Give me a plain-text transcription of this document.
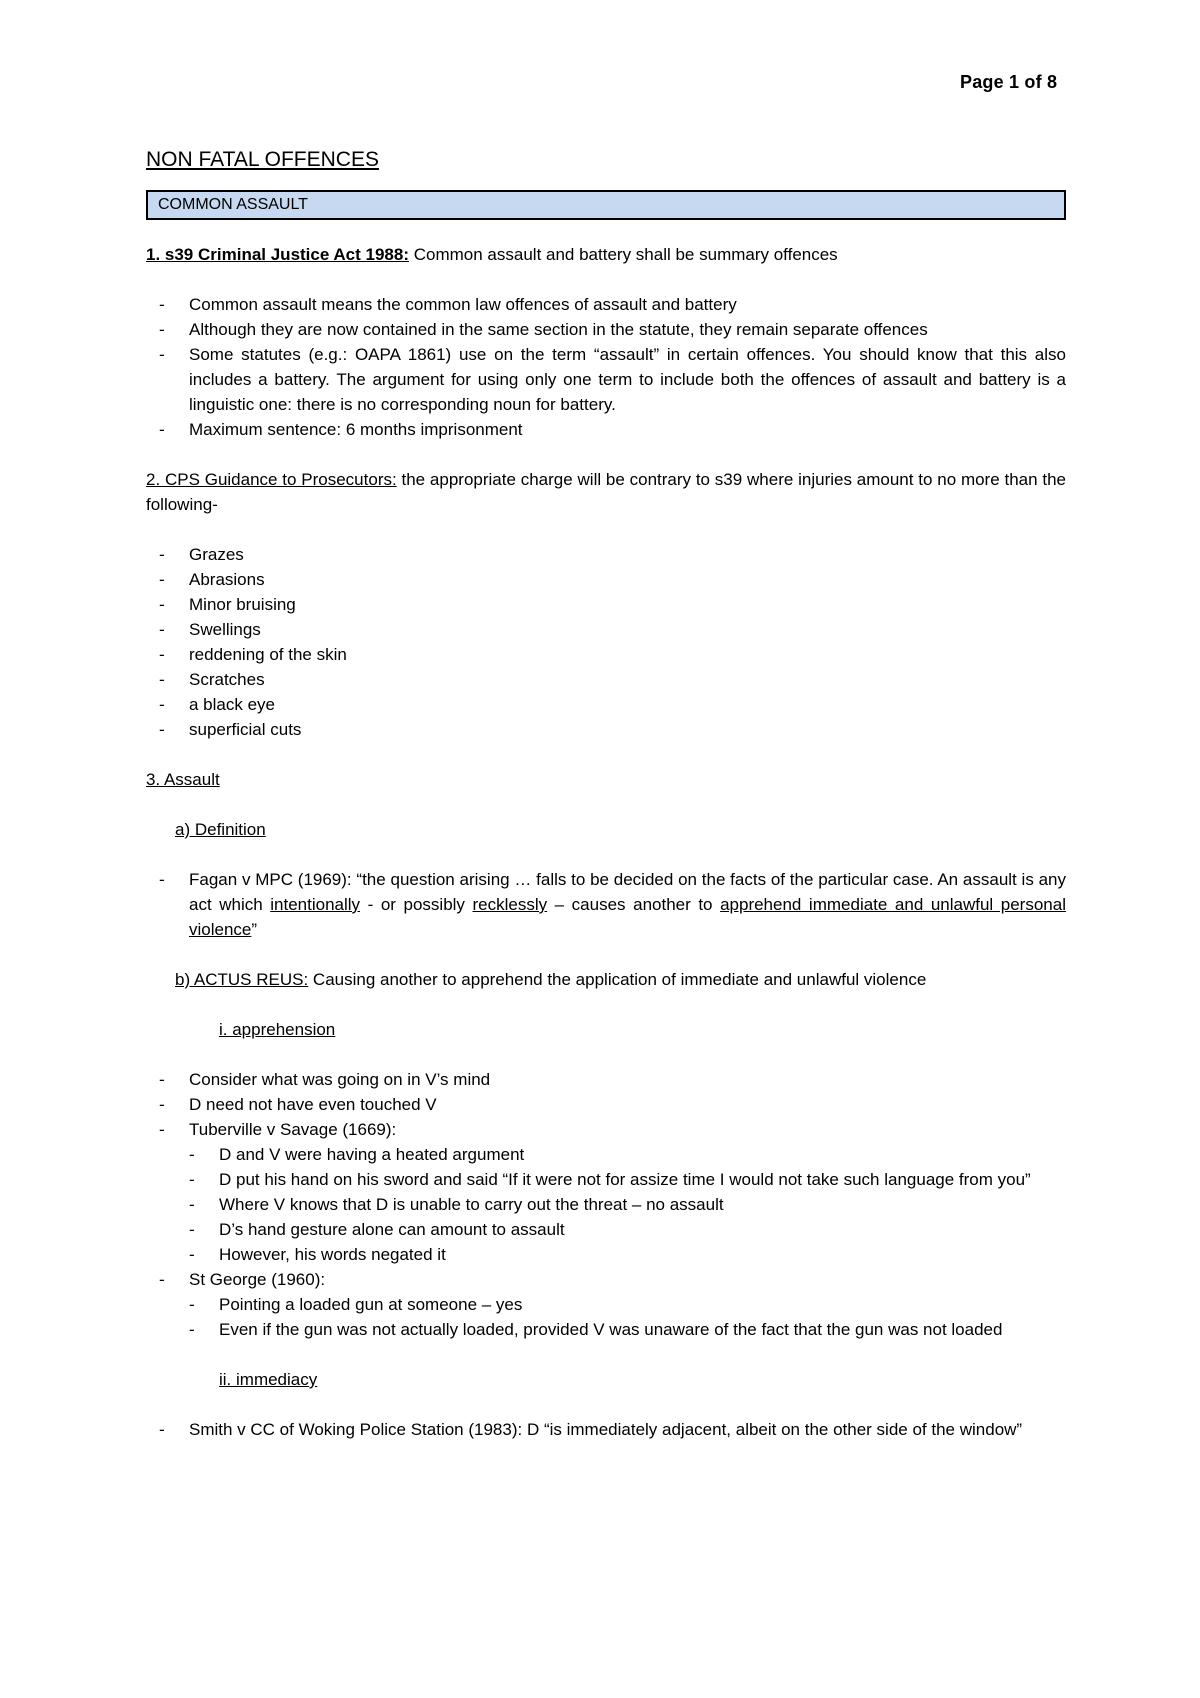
Page 1 of 8
NON FATAL OFFENCES
COMMON ASSAULT

1. s39 Criminal Justice Act 1988: Common assault and battery shall be summary offences

- Common assault means the common law offences of assault and battery
- Although they are now contained in the same section in the statute, they remain separate offences
- Some statutes (e.g.: OAPA 1861) use on the term “assault” in certain offences. You should know that this also includes a battery. The argument for using only one term to include both the offences of assault and battery is a linguistic one: there is no corresponding noun for battery.
- Maximum sentence: 6 months imprisonment

2. CPS Guidance to Prosecutors: the appropriate charge will be contrary to s39 where injuries amount to no more than the following-

- Grazes
- Abrasions
- Minor bruising
- Swellings
- reddening of the skin
- Scratches
- a black eye
- superficial cuts

3. Assault

a) Definition

- Fagan v MPC (1969): “the question arising … falls to be decided on the facts of the particular case. An assault is any act which intentionally - or possibly recklessly – causes another to apprehend immediate and unlawful personal violence”

b) ACTUS REUS: Causing another to apprehend the application of immediate and unlawful violence

i. apprehension

- Consider what was going on in V’s mind
- D need not have even touched V
- Tuberville v Savage (1669):
- D and V were having a heated argument
- D put his hand on his sword and said “If it were not for assize time I would not take such language from you”
- Where V knows that D is unable to carry out the threat – no assault
- D’s hand gesture alone can amount to assault
- However, his words negated it
- St George (1960):
- Pointing a loaded gun at someone – yes
- Even if the gun was not actually loaded, provided V was unaware of the fact that the gun was not loaded

ii. immediacy

- Smith v CC of Woking Police Station (1983): D “is immediately adjacent, albeit on the other side of the window”
